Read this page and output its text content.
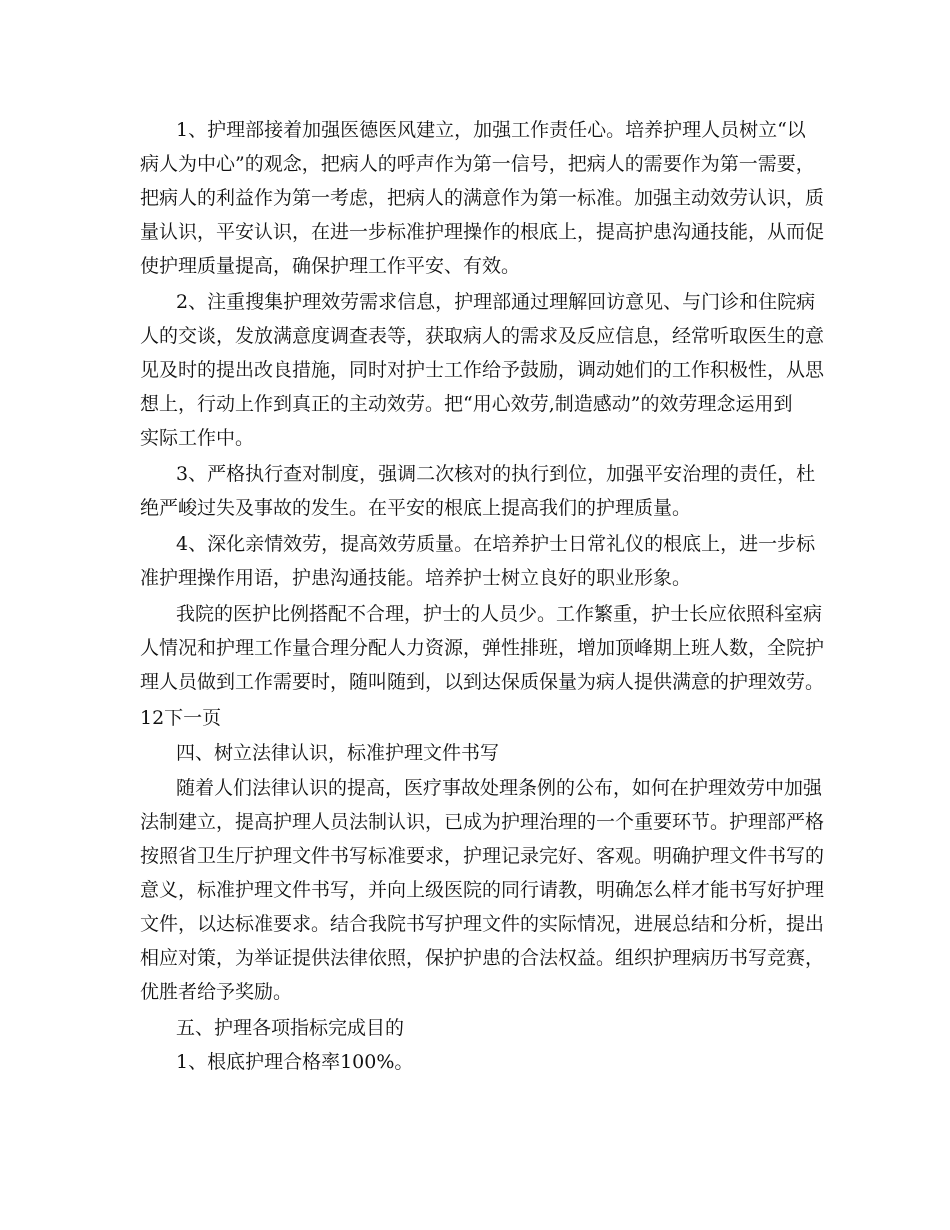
1、护理部接着加强医德医风建立，加强工作责任心。培养护理人员树立“以
病人为中心”的观念，把病人的呼声作为第一信号，把病人的需要作为第一需要，
把病人的利益作为第一考虑，把病人的满意作为第一标准。加强主动效劳认识，质
量认识，平安认识，在进一步标准护理操作的根底上，提高护患沟通技能，从而促
使护理质量提高，确保护理工作平安、有效。
2、注重搜集护理效劳需求信息，护理部通过理解回访意见、与门诊和住院病
人的交谈，发放满意度调查表等，获取病人的需求及反应信息，经常听取医生的意
见及时的提出改良措施，同时对护士工作给予鼓励，调动她们的工作积极性，从思
想上，行动上作到真正的主动效劳。把“用心效劳,制造感动”的效劳理念运用到
实际工作中。
3、严格执行查对制度，强调二次核对的执行到位，加强平安治理的责任，杜
绝严峻过失及事故的发生。在平安的根底上提高我们的护理质量。
4、深化亲情效劳，提高效劳质量。在培养护士日常礼仪的根底上，进一步标
准护理操作用语，护患沟通技能。培养护士树立良好的职业形象。
我院的医护比例搭配不合理，护士的人员少。工作繁重，护士长应依照科室病
人情况和护理工作量合理分配人力资源，弹性排班，增加顶峰期上班人数，全院护
理人员做到工作需要时，随叫随到，以到达保质保量为病人提供满意的护理效劳。
12下一页
四、树立法律认识，标准护理文件书写
随着人们法律认识的提高，医疗事故处理条例的公布，如何在护理效劳中加强
法制建立，提高护理人员法制认识，已成为护理治理的一个重要环节。护理部严格
按照省卫生厅护理文件书写标准要求，护理记录完好、客观。明确护理文件书写的
意义，标准护理文件书写，并向上级医院的同行请教，明确怎么样才能书写好护理
文件，以达标准要求。结合我院书写护理文件的实际情况，进展总结和分析，提出
相应对策，为举证提供法律依照，保护护患的合法权益。组织护理病历书写竞赛，
优胜者给予奖励。
五、护理各项指标完成目的
1、根底护理合格率100%。
